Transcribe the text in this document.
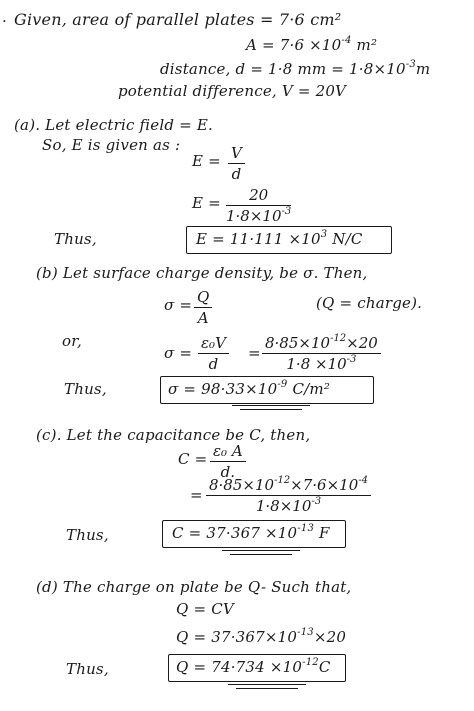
. Given, area of parallel plates = 7·6 cm²
$A = 7\cdot 6 \times 10^{-4}$ m²
distance, d = 1·8 mm = $1\cdot 8\times 10^{-3}m$
potential difference, V = 20V
(a). Let electric field = E.
So, E is given as :
$E = \frac{V}{d}$
$E = \frac{20}{1\cdot 8\times 10^{-3}}$
Thus,	$E = 11\cdot 111 \times 10^3$ N/C
(b) Let surface charge density, be σ. Then,
$\sigma = \frac{Q}{A}$	(Q = charge).
or,
$\sigma = \frac{\text{ε₀V}}{d} = \frac{8\cdot 85\times 10^{-12}\times 20}{1\cdot 8 \times 10^{-3}}$
Thus,	$\sigma = 98\cdot 33\times 10^{-9}$ C/m²
(c). Let the capacitance be C, then,
$C = \frac{\text{ε₀ A}}{d.}$
= $\frac{8\cdot 85\times 10^{-12}\times 7\cdot 6\times 10^{-4}}{1\cdot 8\times 10^{-3}}$
Thus,	$C = 37\cdot 367 \times 10^{-13}$ F
(d) The charge on plate be Q- Such that,
Q = CV
$Q = 37\cdot 367\times 10^{-13}\times 20$
Thus,	$Q = 74\cdot 734 \times 10^{-12}C$
